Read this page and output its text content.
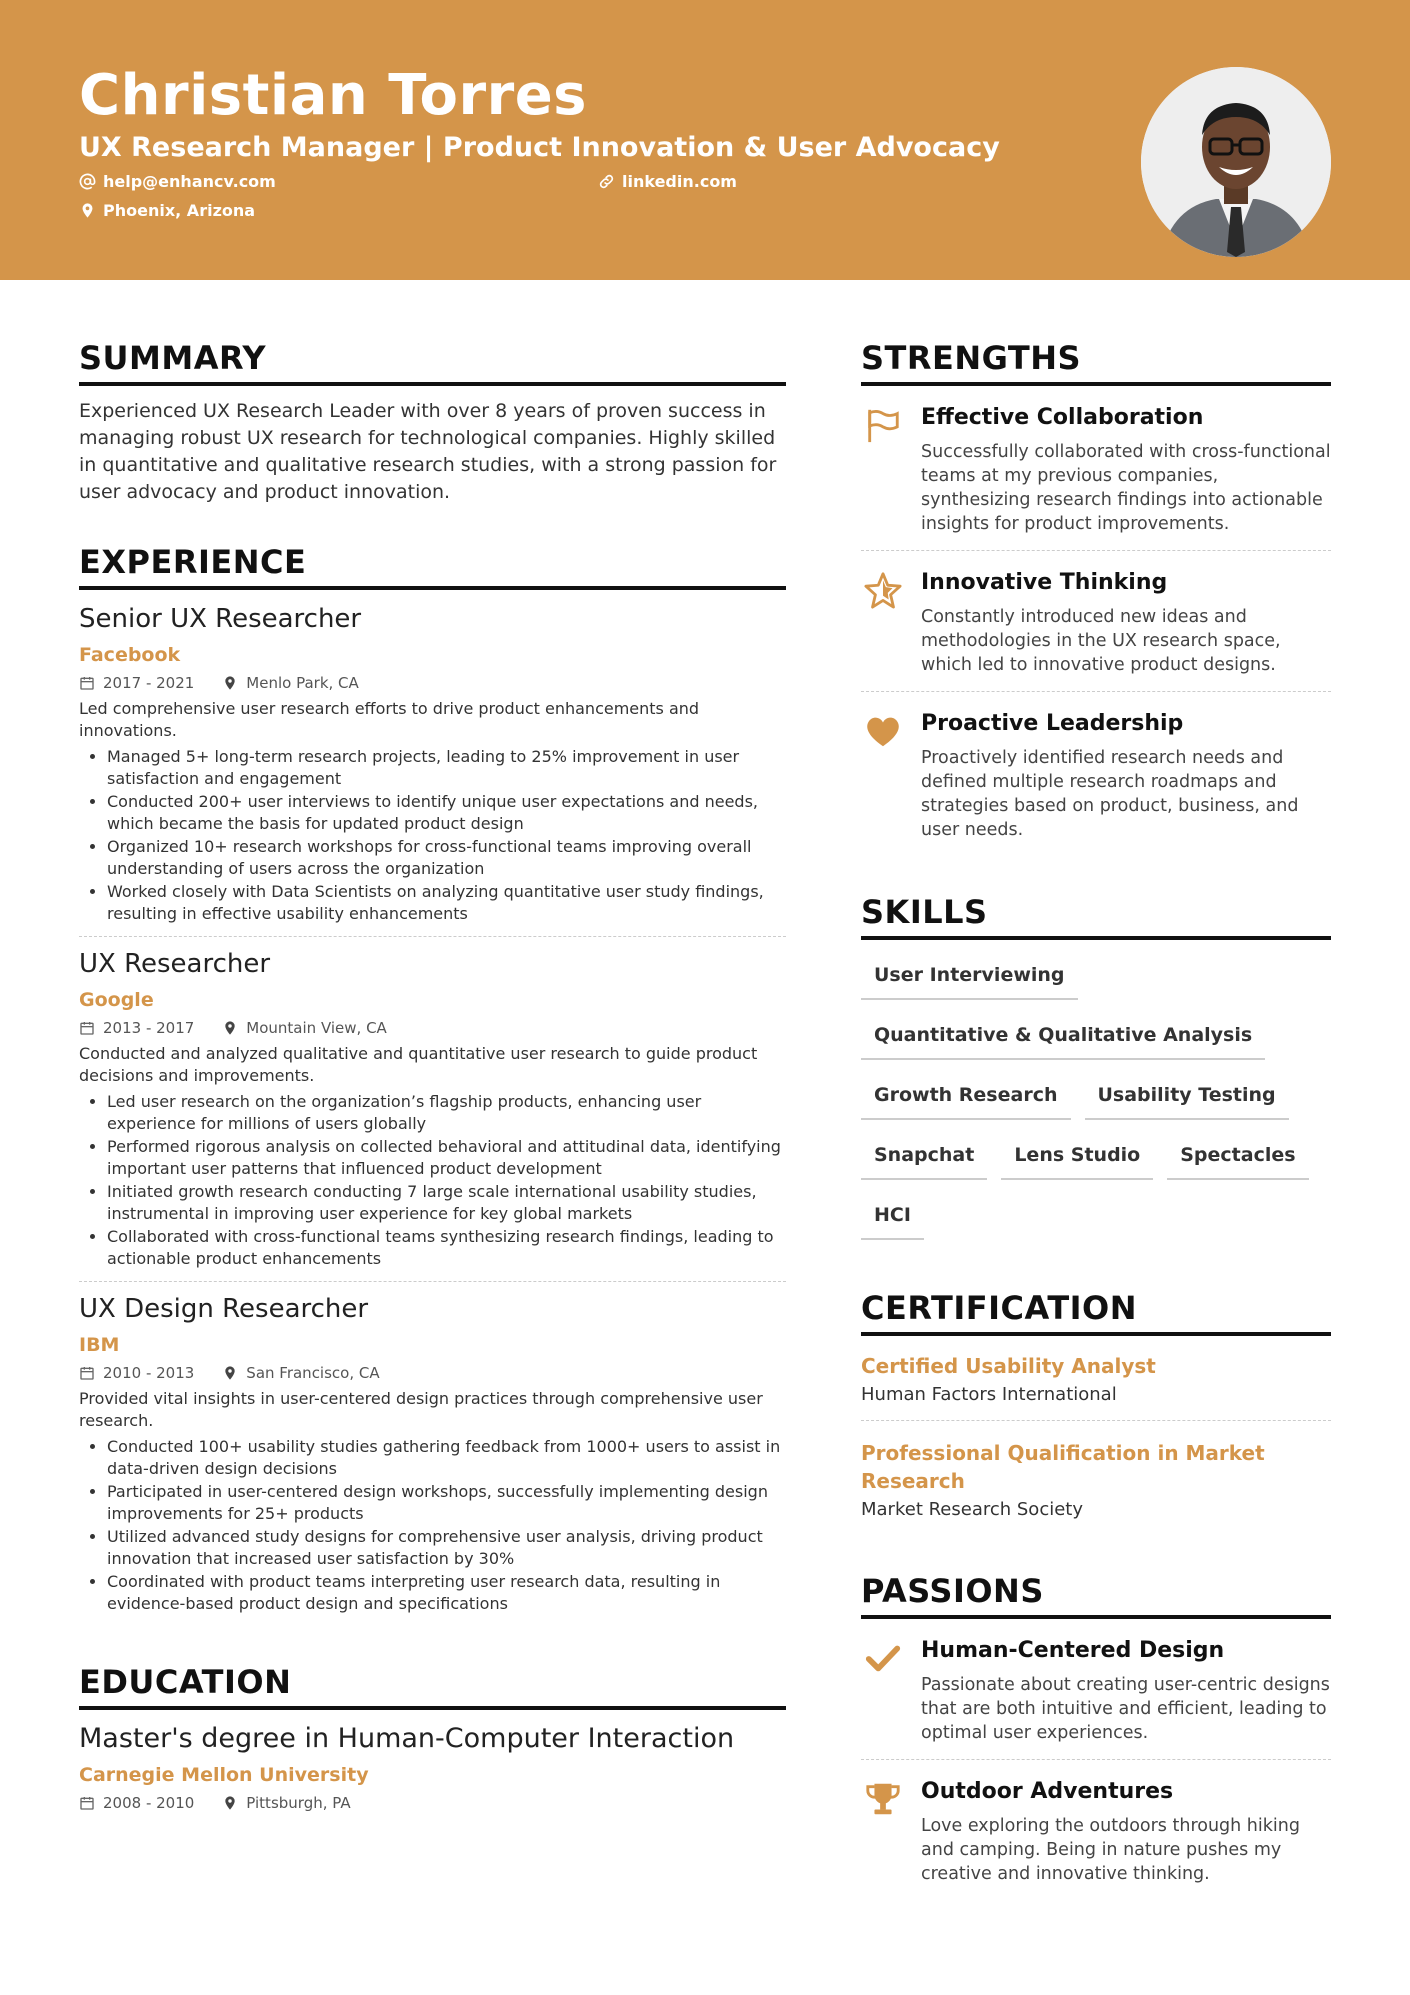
Christian Torres
UX Research Manager | Product Innovation & User Advocacy
help@enhancv.com	linkedin.com
Phoenix, Arizona
SUMMARY

Experienced UX Research Leader with over 8 years of proven success in managing robust UX research for technological companies. Highly skilled in quantitative and qualitative research studies, with a strong passion for user advocacy and product innovation.

EXPERIENCE
Senior UX Researcher
Facebook
2017 - 2021	Menlo Park, CA

Led comprehensive user research efforts to drive product enhancements and innovations.

• Managed 5+ long-term research projects, leading to 25% improvement in user satisfaction and engagement
• Conducted 200+ user interviews to identify unique user expectations and needs, which became the basis for updated product design
• Organized 10+ research workshops for cross-functional teams improving overall understanding of users across the organization
• Worked closely with Data Scientists on analyzing quantitative user study findings, resulting in effective usability enhancements
UX Researcher
Google
2013 - 2017	Mountain View, CA

Conducted and analyzed qualitative and quantitative user research to guide product decisions and improvements.

• Led user research on the organization’s flagship products, enhancing user experience for millions of users globally
• Performed rigorous analysis on collected behavioral and attitudinal data, identifying important user patterns that influenced product development
• Initiated growth research conducting 7 large scale international usability studies, instrumental in improving user experience for key global markets
• Collaborated with cross-functional teams synthesizing research findings, leading to actionable product enhancements
UX Design Researcher
IBM
2010 - 2013	San Francisco, CA

Provided vital insights in user-centered design practices through comprehensive user research.

• Conducted 100+ usability studies gathering feedback from 1000+ users to assist in data-driven design decisions
• Participated in user-centered design workshops, successfully implementing design improvements for 25+ products
• Utilized advanced study designs for comprehensive user analysis, driving product innovation that increased user satisfaction by 30%
• Coordinated with product teams interpreting user research data, resulting in evidence-based product design and specifications
EDUCATION
Master's degree in Human-Computer Interaction
Carnegie Mellon University
2008 - 2010	Pittsburgh, PA
STRENGTHS
Effective Collaboration

Successfully collaborated with cross-functional teams at my previous companies, synthesizing research findings into actionable insights for product improvements.

Innovative Thinking

Constantly introduced new ideas and methodologies in the UX research space, which led to innovative product designs.

Proactive Leadership

Proactively identified research needs and defined multiple research roadmaps and strategies based on product, business, and user needs.

SKILLS
User Interviewing
Quantitative & Qualitative Analysis
Growth Research	Usability Testing
Snapchat	Lens Studio	Spectacles
HCI
CERTIFICATION
Certified Usability Analyst
Human Factors International
Professional Qualification in Market Research
Market Research Society
PASSIONS
Human-Centered Design

Passionate about creating user-centric designs that are both intuitive and efficient, leading to optimal user experiences.

Outdoor Adventures

Love exploring the outdoors through hiking and camping. Being in nature pushes my creative and innovative thinking.
